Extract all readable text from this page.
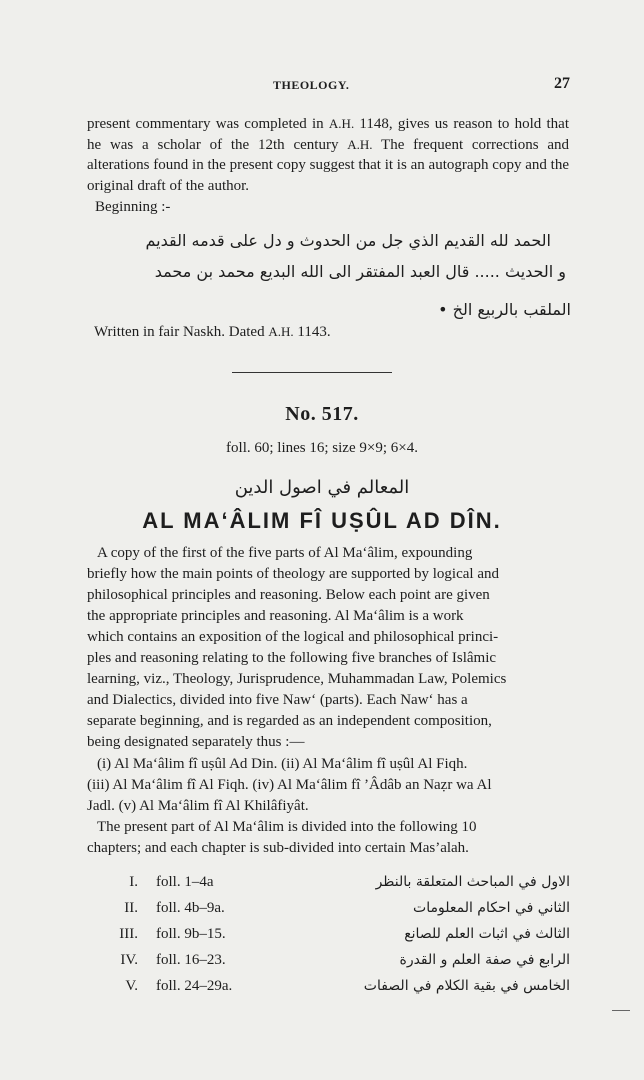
THEOLOGY.	27
present commentary was completed in A.H. 1148, gives us reason to hold that he was a scholar of the 12th century A.H. The frequent corrections and alterations found in the present copy suggest that it is an autograph copy and the original draft of the author.
Beginning :-
الحمد لله القديم الذي جل من الحدوث و دل على قدمه القديم
و الحديث ..... قال العبد المفتقر الى الله البديع محمد بن محمد
الملقب بالربيع الخ •
Written in fair Naskh. Dated A.H. 1143.
No. 517.
foll. 60; lines 16; size 9×9; 6×4.
المعالم في اصول الدين
AL MA‘ÂLIM FÎ UṢÛL AD DÎN.
A copy of the first of the five parts of Al Ma‘âlim, expounding
briefly how the main points of theology are supported by logical and
philosophical principles and reasoning. Below each point are given
the appropriate principles and reasoning. Al Ma‘âlim is a work
which contains an exposition of the logical and philosophical princi-
ples and reasoning relating to the following five branches of Islâmic
learning, viz., Theology, Jurisprudence, Muhammadan Law, Polemics
and Dialectics, divided into five Naw‘ (parts). Each Naw‘ has a
separate beginning, and is regarded as an independent composition,
being designated separately thus :—
(i) Al Ma‘âlim fî uṣûl Ad Din. (ii) Al Ma‘âlim fî uṣûl Al Fiqh.
(iii) Al Ma‘âlim fî Al Fiqh. (iv) Al Ma‘âlim fî ’Âdâb an Naẓr wa Al
Jadl. (v) Al Ma‘âlim fî Al Khilâfiyât.
The present part of Al Ma‘âlim is divided into the following 10
chapters; and each chapter is sub-divided into certain Mas’alah.
I. foll. 1–4a	الاول في المباحث المتعلقة بالنظر
II. foll. 4b–9a.	الثاني في احكام المعلومات
III. foll. 9b–15.	الثالث في اثبات العلم للصانع
IV. foll. 16–23.	الرابع في صفة العلم و القدرة
V. foll. 24–29a.	الخامس في بقية الكلام في الصفات
